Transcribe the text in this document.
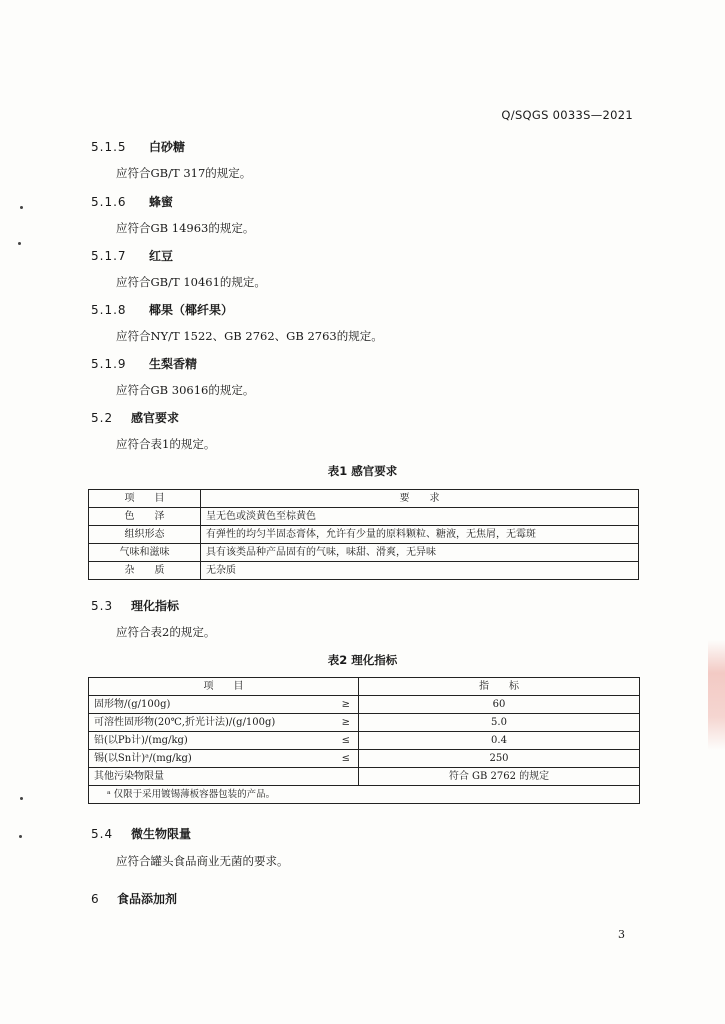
Q/SQGS 0033S—2021
5.1.5 白砂糖
应符合GB/T 317的规定。
5.1.6 蜂蜜
应符合GB 14963的规定。
5.1.7 红豆
应符合GB/T 10461的规定。
5.1.8 椰果（椰纤果）
应符合NY/T 1522、GB 2762、GB 2763的规定。
5.1.9 生梨香精
应符合GB 30616的规定。
5.2 感官要求
应符合表1的规定。
表1 感官要求
项　　目	要　　求
色　　泽	呈无色或淡黄色至棕黄色
组织形态	有弹性的均匀半固态膏体，允许有少量的原料颗粒、糖液，无焦屑，无霉斑
气味和滋味	具有该类品种产品固有的气味，味甜、滑爽，无异味
杂　　质	无杂质
5.3 理化指标
应符合表2的规定。
表2 理化指标
项　　目		指　　标
固形物/(g/100g)	≥	60
可溶性固形物(20℃,折光计法)/(g/100g)	≥	5.0
铅(以Pb计)/(mg/kg)	≤	0.4
锡(以Sn计)ᵃ/(mg/kg)	≤	250
其他污染物限量		符合 GB 2762 的规定
ᵃ 仅限于采用镀锡薄板容器包装的产品。		
5.4 微生物限量
应符合罐头食品商业无菌的要求。
6 食品添加剂
3
